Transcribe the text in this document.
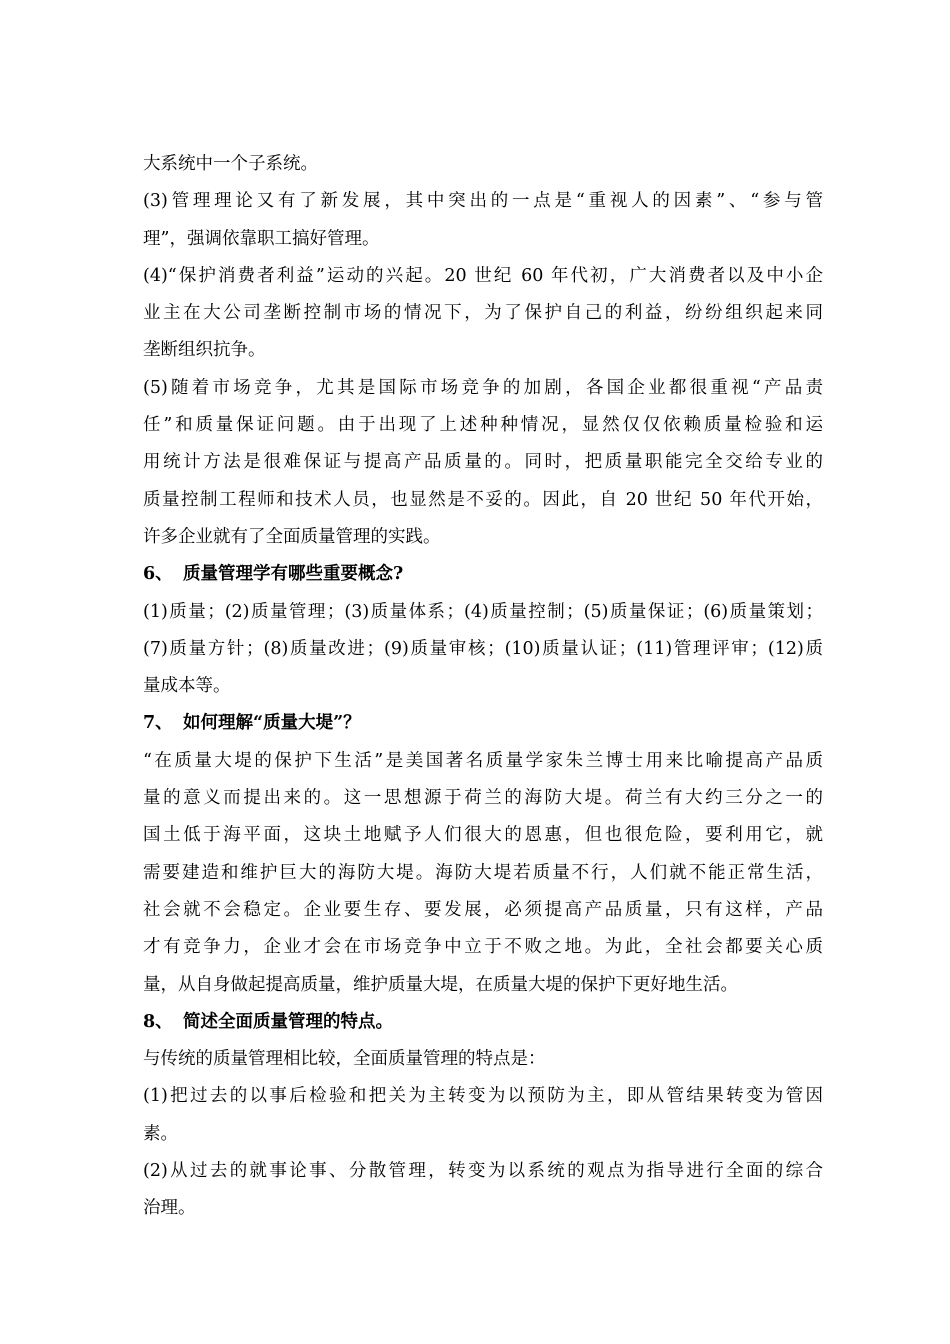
大系统中一个子系统。
(3)管理理论又有了新发展，其中突出的一点是“重视人的因素”、“参与管
理”，强调依靠职工搞好管理。
(4)“保护消费者利益”运动的兴起。20 世纪 60 年代初，广大消费者以及中小企
业主在大公司垄断控制市场的情况下，为了保护自己的利益，纷纷组织起来同
垄断组织抗争。
(5)随着市场竞争，尤其是国际市场竞争的加剧，各国企业都很重视“产品责
任”和质量保证问题。由于出现了上述种种情况，显然仅仅依赖质量检验和运
用统计方法是很难保证与提高产品质量的。同时，把质量职能完全交给专业的
质量控制工程师和技术人员，也显然是不妥的。因此，自 20 世纪 50 年代开始，
许多企业就有了全面质量管理的实践。
6、 质量管理学有哪些重要概念?
(1)质量；(2)质量管理；(3)质量体系；(4)质量控制；(5)质量保证；(6)质量策划；
(7)质量方针；(8)质量改进；(9)质量审核；(10)质量认证；(11)管理评审；(12)质
量成本等。
7、 如何理解“质量大堤”？
“在质量大堤的保护下生活”是美国著名质量学家朱兰博士用来比喻提高产品质
量的意义而提出来的。这一思想源于荷兰的海防大堤。荷兰有大约三分之一的
国土低于海平面，这块土地赋予人们很大的恩惠，但也很危险，要利用它，就
需要建造和维护巨大的海防大堤。海防大堤若质量不行，人们就不能正常生活，
社会就不会稳定。企业要生存、要发展，必须提高产品质量，只有这样，产品
才有竞争力，企业才会在市场竞争中立于不败之地。为此，全社会都要关心质
量，从自身做起提高质量，维护质量大堤，在质量大堤的保护下更好地生活。
8、 简述全面质量管理的特点。
与传统的质量管理相比较，全面质量管理的特点是：
(1)把过去的以事后检验和把关为主转变为以预防为主，即从管结果转变为管因
素。
(2)从过去的就事论事、分散管理，转变为以系统的观点为指导进行全面的综合
治理。
